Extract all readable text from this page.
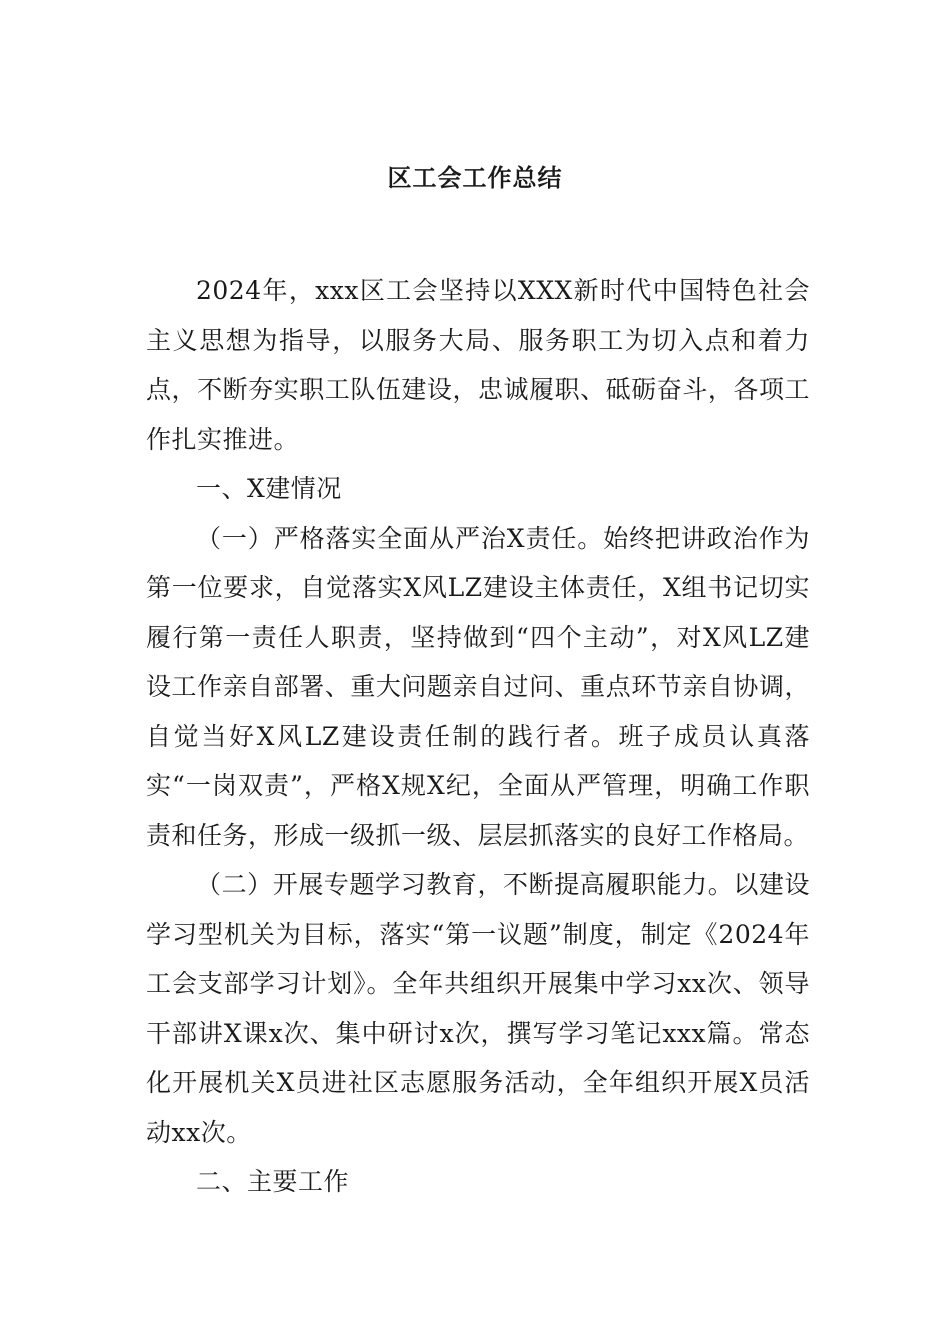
区工会工作总结

2024年，xxx区工会坚持以XXX新时代中国特色社会主义思想为指导，以服务大局、服务职工为切入点和着力点，不断夯实职工队伍建设，忠诚履职、砥砺奋斗，各项工作扎实推进。

一、X建情况

（一）严格落实全面从严治X责任。始终把讲政治作为第一位要求，自觉落实X风LZ建设主体责任，X组书记切实履行第一责任人职责，坚持做到“四个主动”，对X风LZ建设工作亲自部署、重大问题亲自过问、重点环节亲自协调，自觉当好X风LZ建设责任制的践行者。班子成员认真落实“一岗双责”，严格X规X纪，全面从严管理，明确工作职责和任务，形成一级抓一级、层层抓落实的良好工作格局。

（二）开展专题学习教育，不断提高履职能力。以建设学习型机关为目标，落实“第一议题”制度，制定《2024年工会支部学习计划》。全年共组织开展集中学习xx次、领导干部讲X课x次、集中研讨x次，撰写学习笔记xxx篇。常态化开展机关X员进社区志愿服务活动，全年组织开展X员活动xx次。

二、主要工作
